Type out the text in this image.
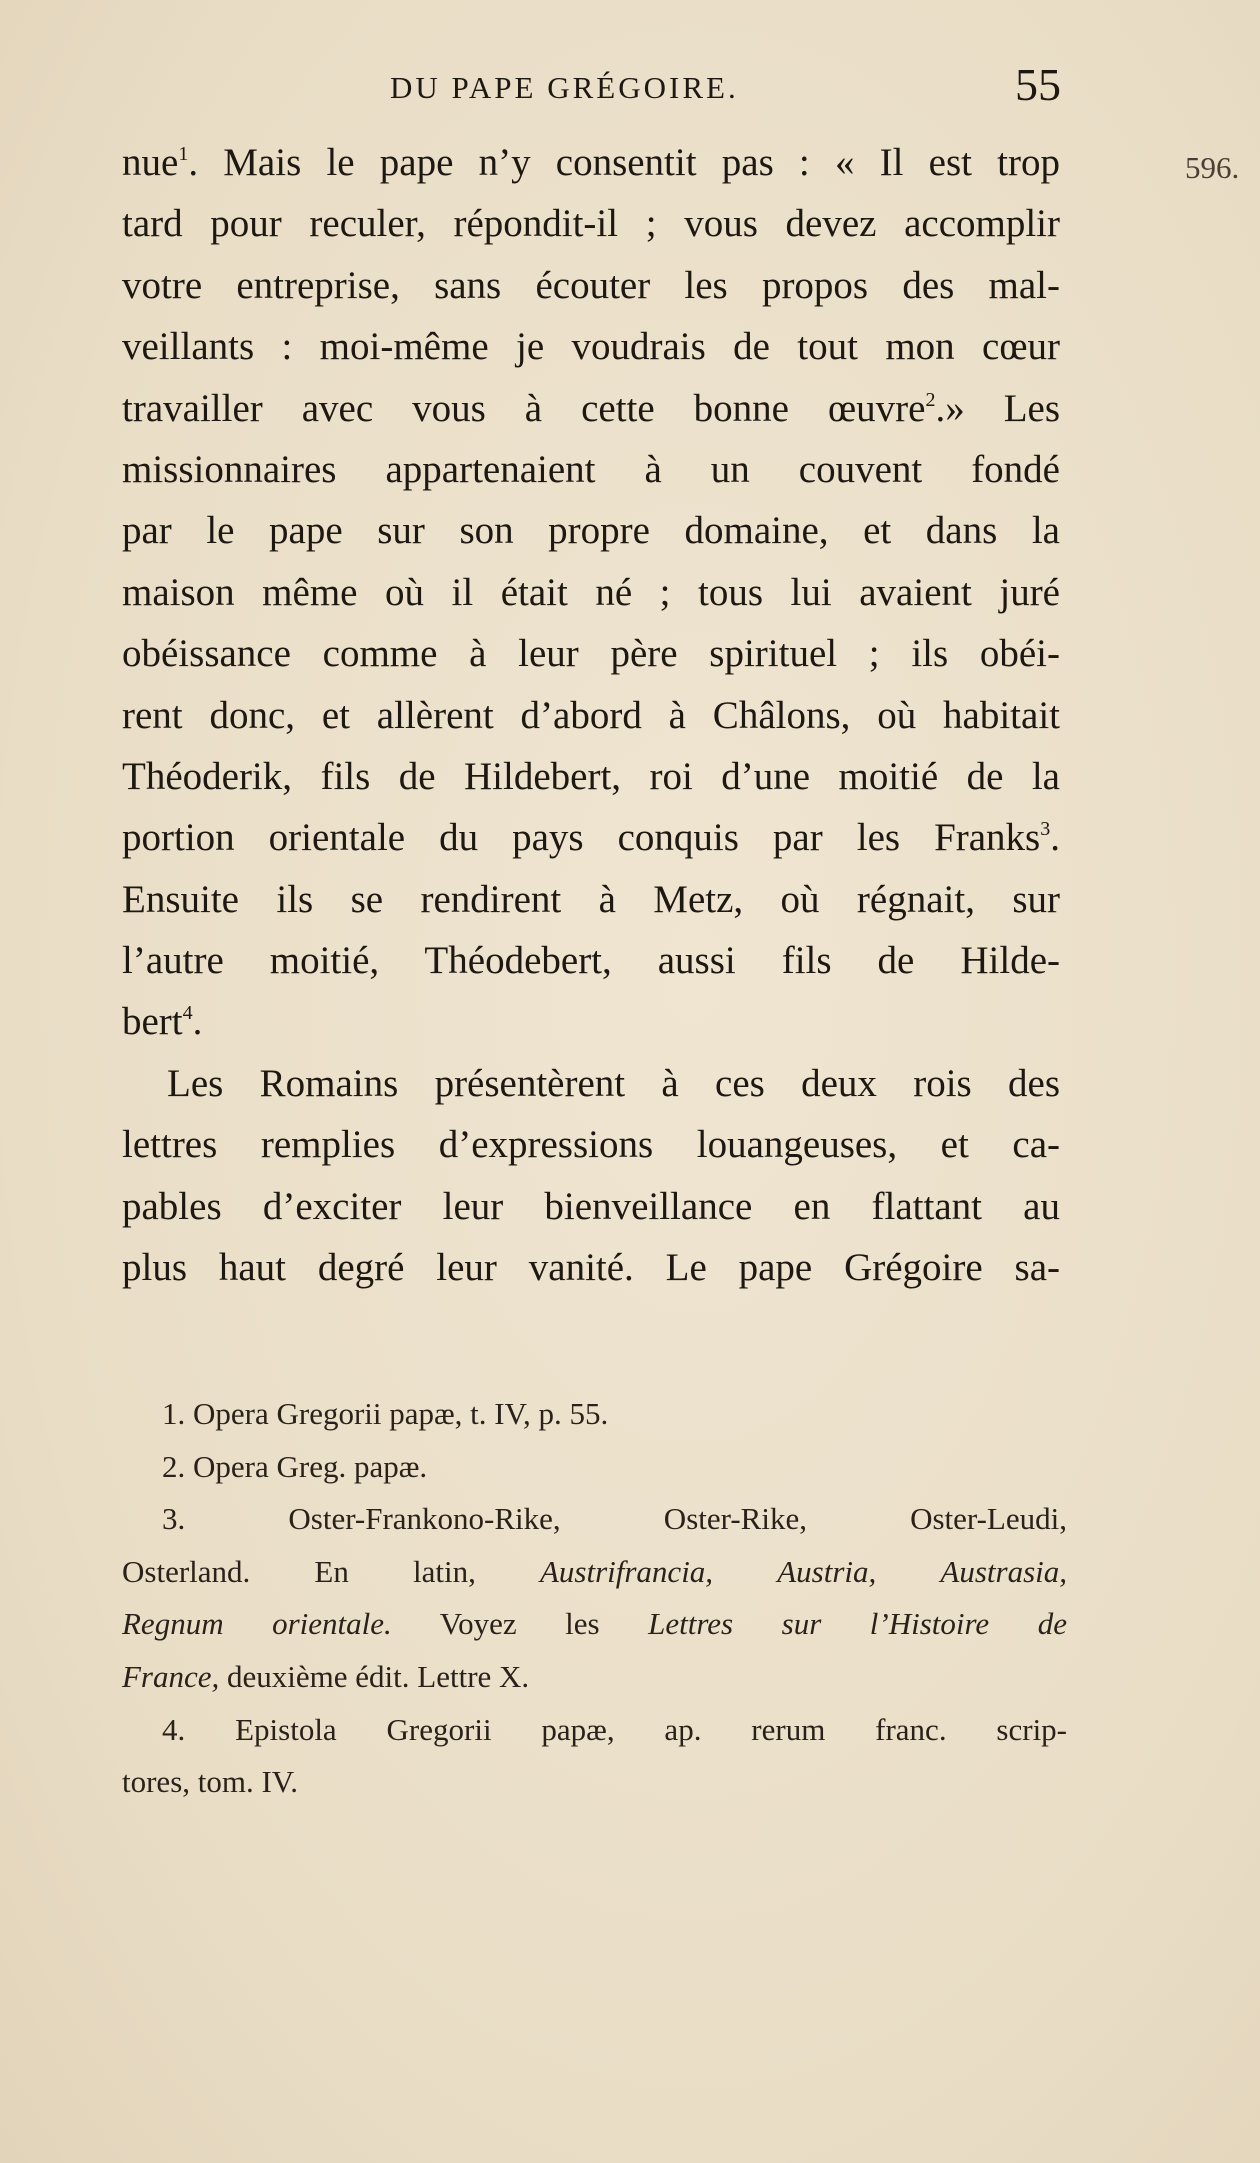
DU PAPE GRÉGOIRE.	55
596.
nue$^1$. Mais le pape n’y consentit pas : « Il est trop
tard pour reculer, répondit-il ; vous devez accomplir
votre entreprise, sans écouter les propos des mal-
veillants : moi-même je voudrais de tout mon cœur
travailler avec vous à cette bonne œuvre$^2$.» Les
missionnaires appartenaient à un couvent fondé
par le pape sur son propre domaine, et dans la
maison même où il était né ; tous lui avaient juré
obéissance comme à leur père spirituel ; ils obéi-
rent donc, et allèrent d’abord à Châlons, où habitait
Théoderik, fils de Hildebert, roi d’une moitié de la
portion orientale du pays conquis par les Franks$^3$.
Ensuite ils se rendirent à Metz, où régnait, sur
l’autre moitié, Théodebert, aussi fils de Hilde-
bert$^4$.
Les Romains présentèrent à ces deux rois des
lettres remplies d’expressions louangeuses, et ca-
pables d’exciter leur bienveillance en flattant au
plus haut degré leur vanité. Le pape Grégoire sa-
1. Opera Gregorii papæ, t. IV, p. 55.
2. Opera Greg. papæ.
3. Oster-Frankono-Rike, Oster-Rike, Oster-Leudi,
Osterland. En latin, Austrifrancia, Austria, Austrasia,
Regnum orientale. Voyez les Lettres sur l’Histoire de
France, deuxième édit. Lettre X.
4. Epistola Gregorii papæ, ap. rerum franc. scrip-
tores, tom. IV.
